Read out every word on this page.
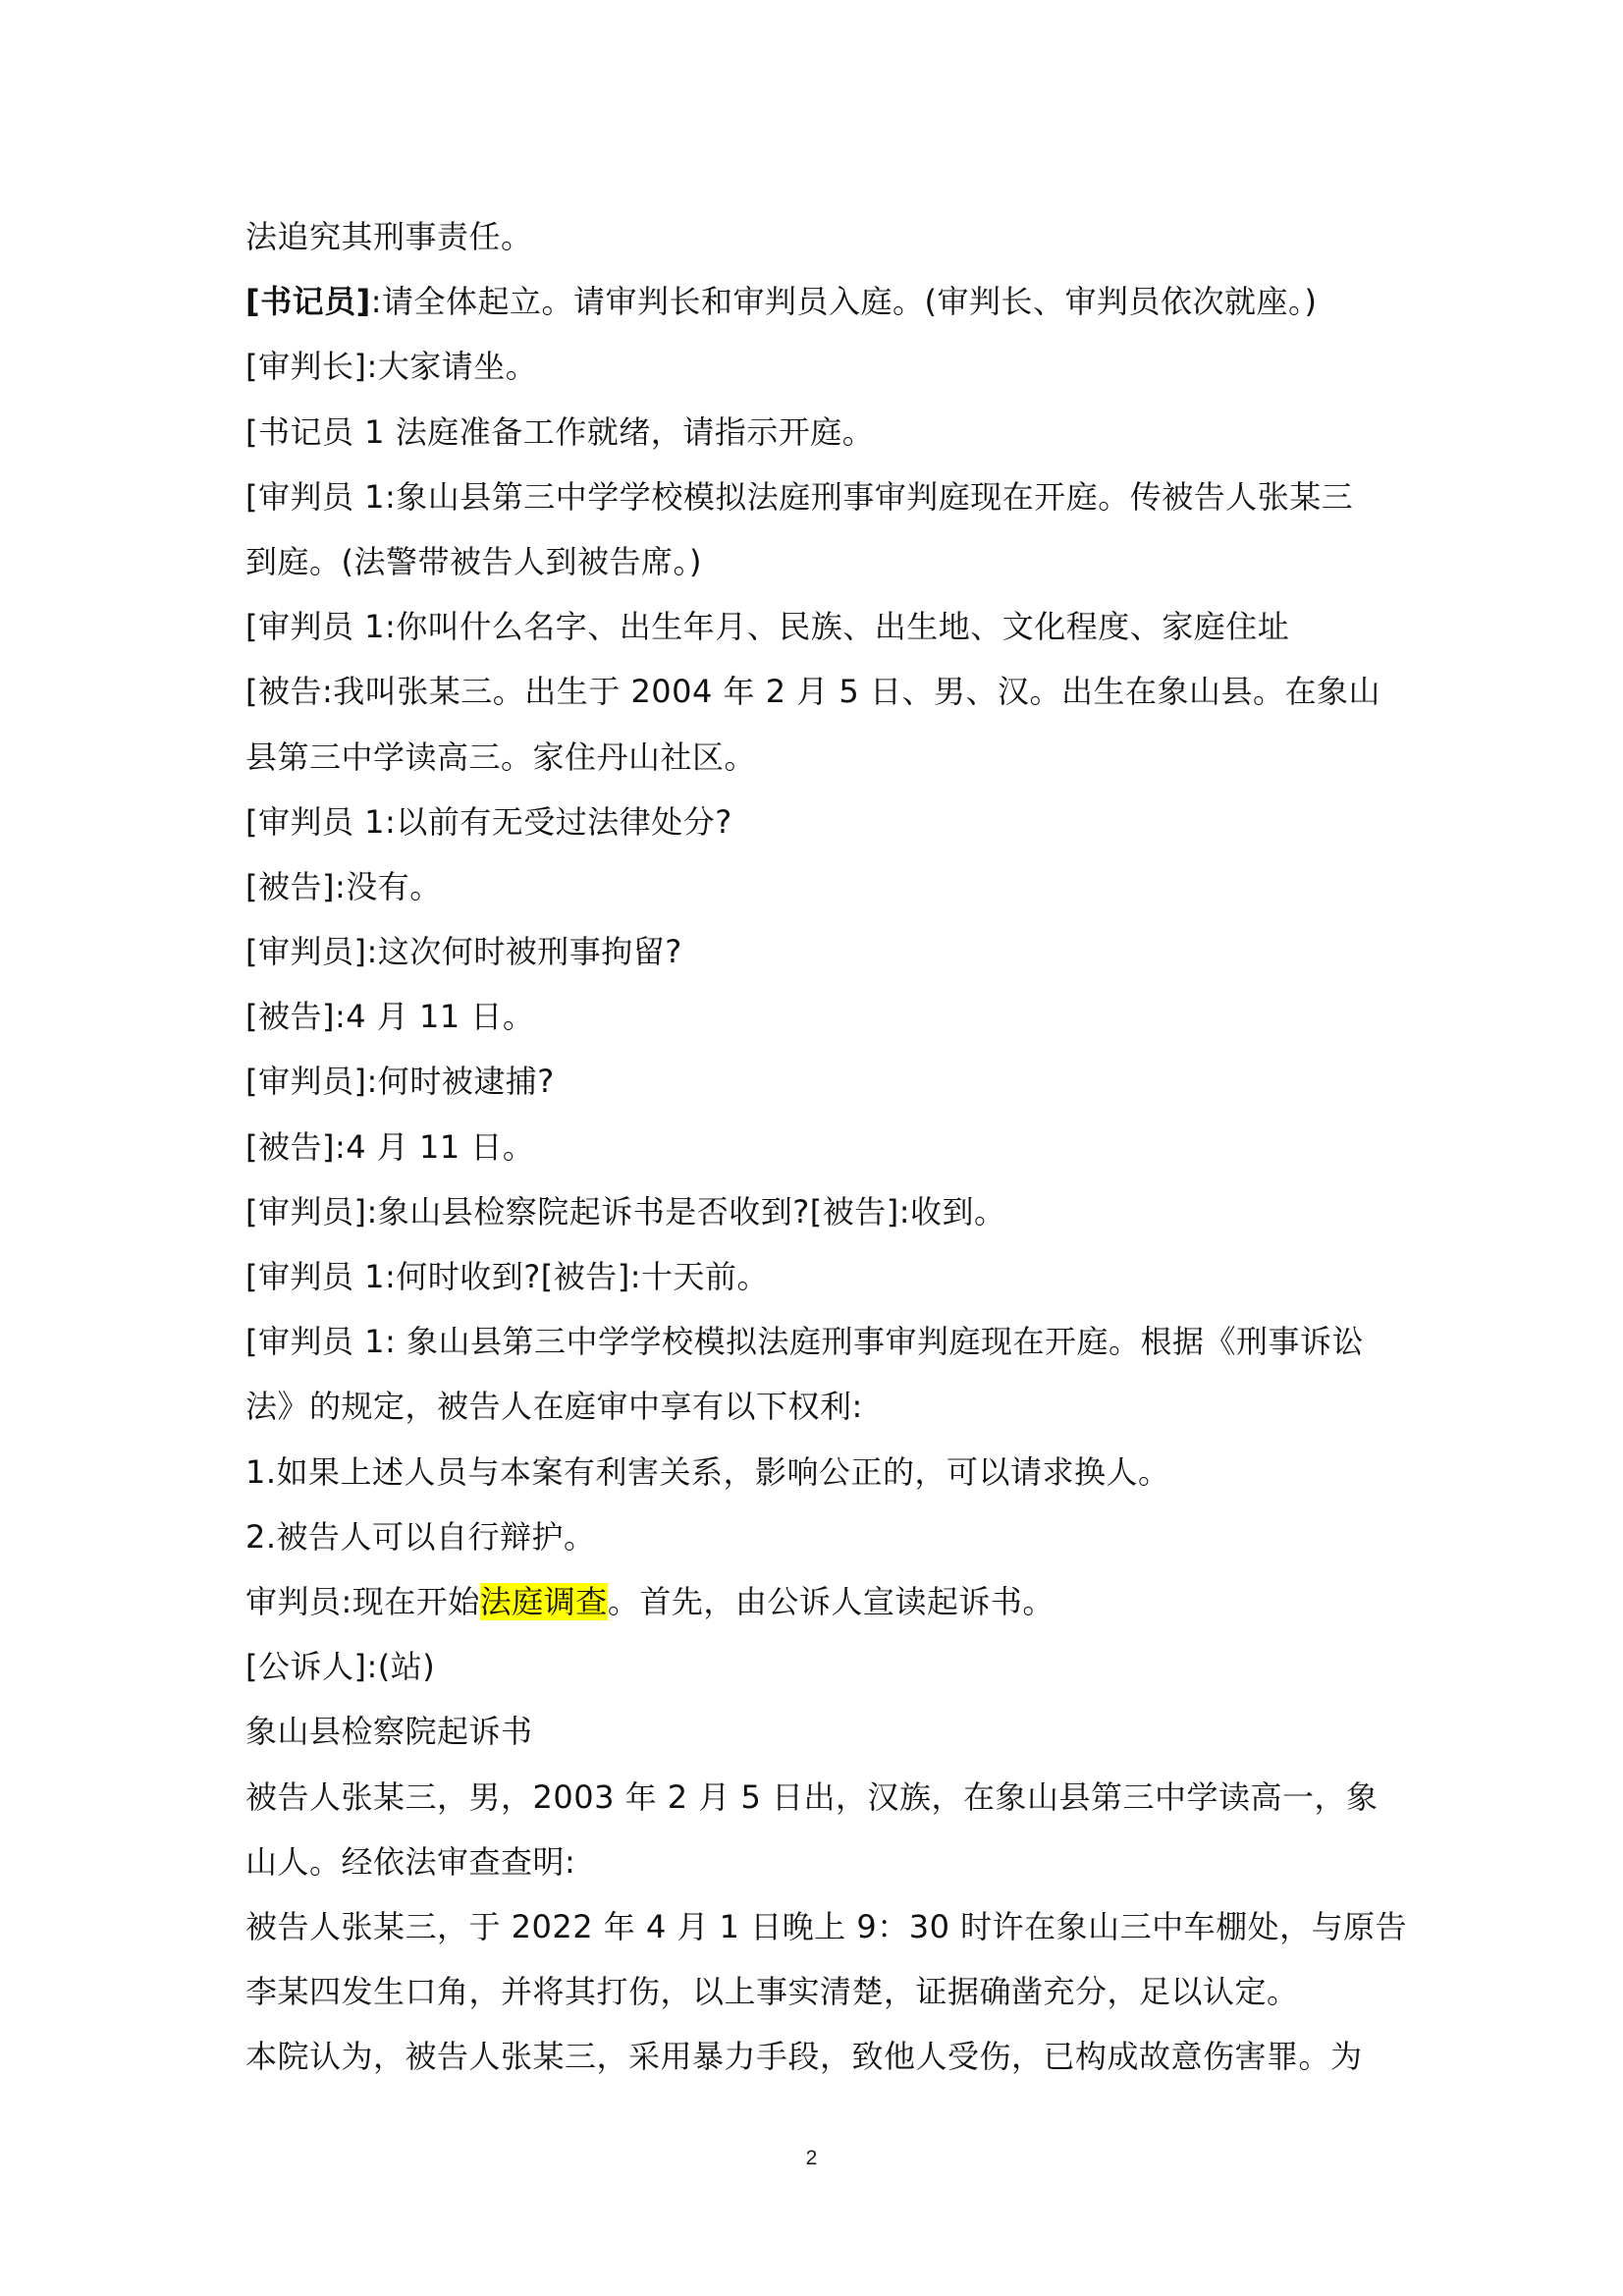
法追究其刑事责任。
[书记员]:请全体起立。请审判长和审判员入庭。(审判长、审判员依次就座。)
[审判长]:大家请坐。
[书记员 1 法庭准备工作就绪，请指示开庭。
[审判员 1:象山县第三中学学校模拟法庭刑事审判庭现在开庭。传被告人张某三
到庭。(法警带被告人到被告席。)
[审判员 1:你叫什么名字、出生年月、民族、出生地、文化程度、家庭住址
[被告:我叫张某三。出生于 2004 年 2 月 5 日、男、汉。出生在象山县。在象山
县第三中学读高三。家住丹山社区。
[审判员 1:以前有无受过法律处分?
[被告]:没有。
[审判员]:这次何时被刑事拘留?
[被告]:4 月 11 日。
[审判员]:何时被逮捕?
[被告]:4 月 11 日。
[审判员]:象山县检察院起诉书是否收到?[被告]:收到。
[审判员 1:何时收到?[被告]:十天前。
[审判员 1: 象山县第三中学学校模拟法庭刑事审判庭现在开庭。根据《刑事诉讼
法》的规定，被告人在庭审中享有以下权利:
1.如果上述人员与本案有利害关系，影响公正的，可以请求换人。
2.被告人可以自行辩护。
审判员:现在开始法庭调查。首先，由公诉人宣读起诉书。
[公诉人]:(站)
象山县检察院起诉书
被告人张某三，男，2003 年 2 月 5 日出，汉族，在象山县第三中学读高一，象
山人。经依法审查查明:
被告人张某三，于 2022 年 4 月 1 日晚上 9：30 时许在象山三中车棚处，与原告
李某四发生口角，并将其打伤，以上事实清楚，证据确凿充分，足以认定。
本院认为，被告人张某三，采用暴力手段，致他人受伤，已构成故意伤害罪。为
2
